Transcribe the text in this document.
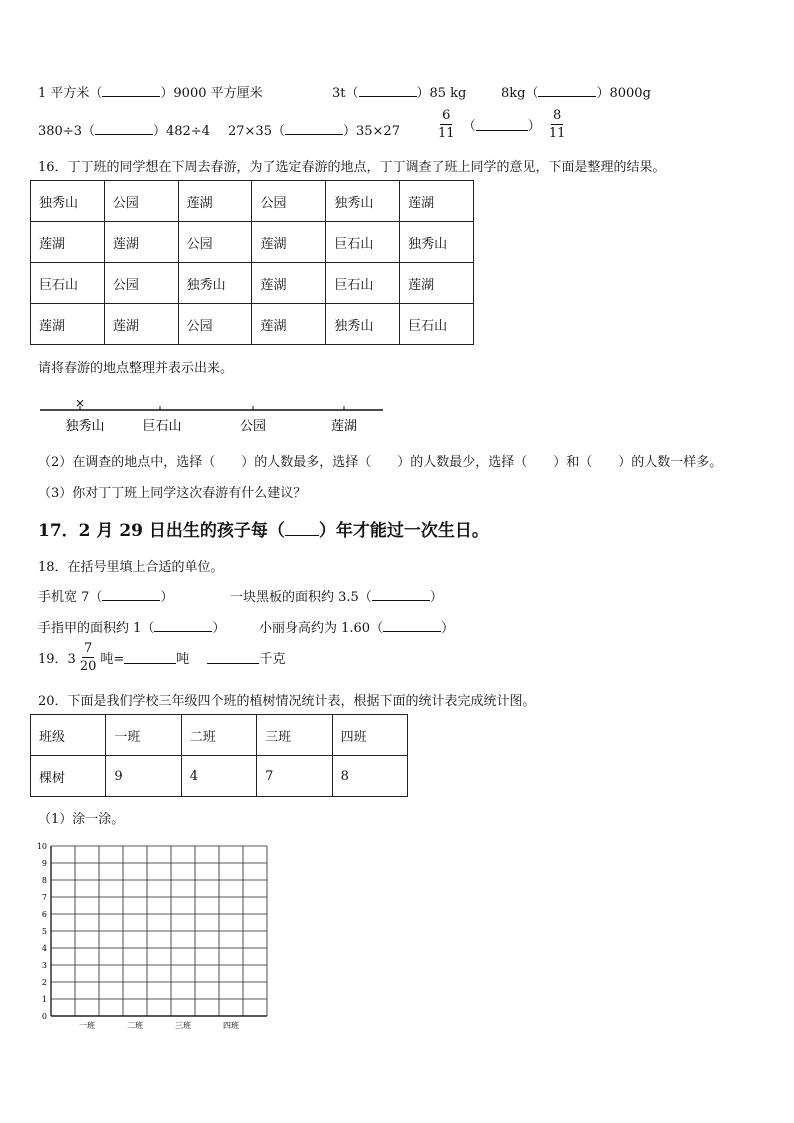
1 平方米（	）9000 平方厘米	3t（	）85 kg	8kg（	）8000g
380÷3（	）482÷4 27×35（	）35×27	$\frac{6}{11}$ （	） $\frac{8}{11}$
16．丁丁班的同学想在下周去春游，为了选定春游的地点，丁丁调查了班上同学的意见，下面是整理的结果。
独秀山	公园	莲湖	公园	独秀山	莲湖
莲湖	莲湖	公园	莲湖	巨石山	独秀山
巨石山	公园	独秀山	莲湖	巨石山	莲湖
莲湖	莲湖	公园	莲湖	独秀山	巨石山
请将春游的地点整理并表示出来。
×
独秀山	巨石山	公园	莲湖
（2）在调查的地点中，选择（　　）的人数最多，选择（　　）的人数最少，选择（　　）和（　　）的人数一样多。
（3）你对丁丁班上同学这次春游有什么建议？
17．2 月 29 日出生的孩子每（ ）年才能过一次生日。
18．在括号里填上合适的单位。
手机宽 7（	）	一块黑板的面积约 3.5（	）
手指甲的面积约 1（	）	小丽身高约为 1.60（	）
19．$3 \frac{7}{20}$ 吨=	吨	千克
20．下面是我们学校三年级四个班的植树情况统计表，根据下面的统计表完成统计图。
班级	一班	二班	三班	四班
棵树	9	4	7	8
（1）涂一涂。
0
1
2
3
4
5
6
7
8
9
10
一班	二班	三班	四班
